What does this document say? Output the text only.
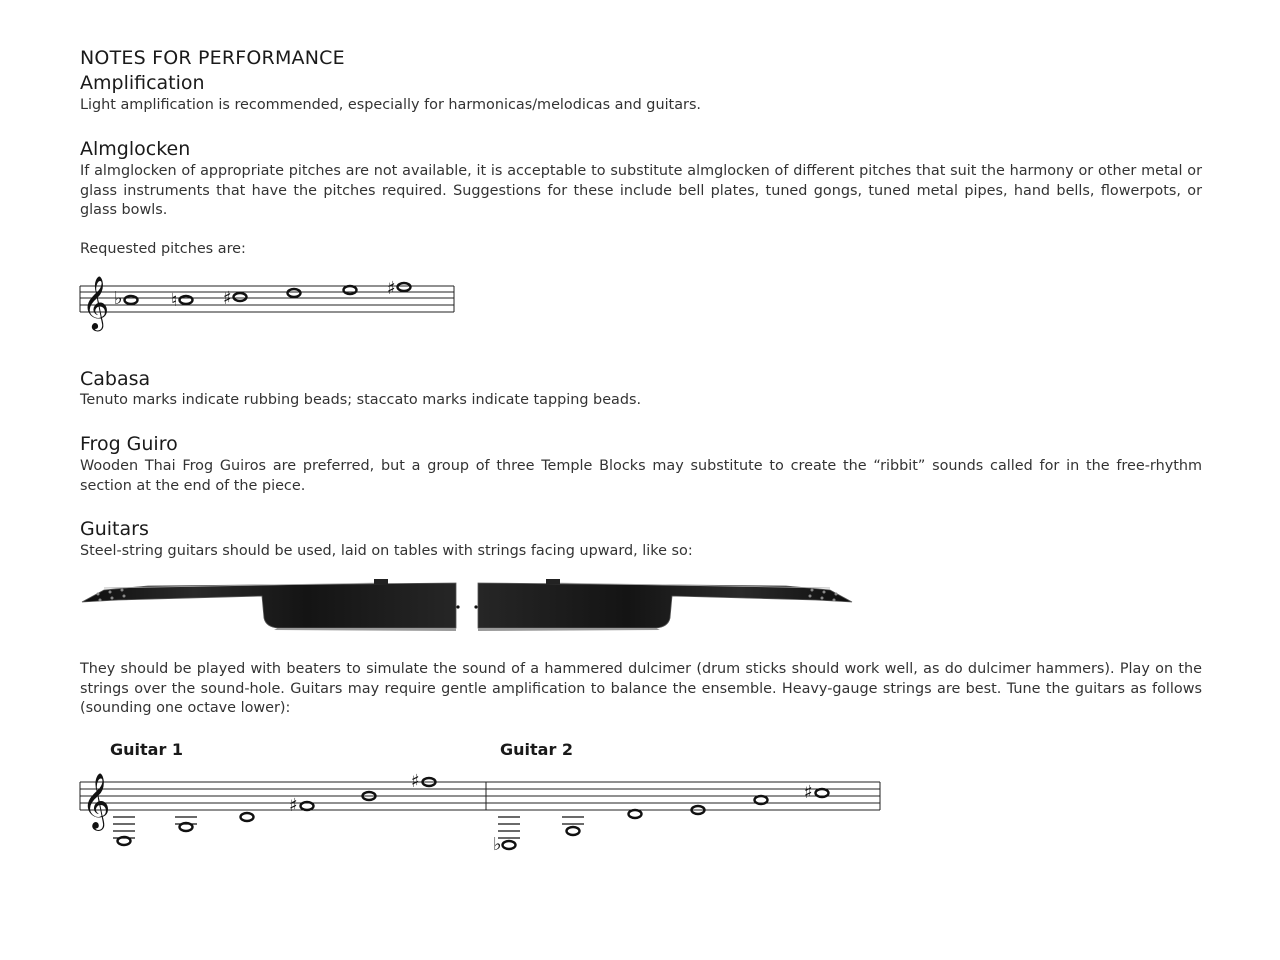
NOTES FOR PERFORMANCE
Amplification

Light amplification is recommended, especially for harmonicas/melodicas and guitars.

Almglocken

If almglocken of appropriate pitches are not available, it is acceptable to substitute almglocken of different pitches that suit the harmony or other metal or glass instruments that have the pitches required. Suggestions for these include bell plates, tuned gongs, tuned metal pipes, hand bells, flowerpots, or glass bowls.

Requested pitches are:

𝄞 ♭	♮	♯	♯
Cabasa

Tenuto marks indicate rubbing beads; staccato marks indicate tapping beads.

Frog Guiro

Wooden Thai Frog Guiros are preferred, but a group of three Temple Blocks may substitute to create the “ribbit” sounds called for in the free-rhythm section at the end of the piece.

Guitars

Steel-string guitars should be used, laid on tables with strings facing upward, like so:

They should be played with beaters to simulate the sound of a hammered dulcimer (drum sticks should work well, as do dulcimer hammers). Play on the strings over the sound-hole. Guitars may require gentle amplification to balance the ensemble. Heavy-gauge strings are best. Tune the guitars as follows (sounding one octave lower):

Guitar 1	Guitar 2
𝄞	♯
♯
♭
♯
